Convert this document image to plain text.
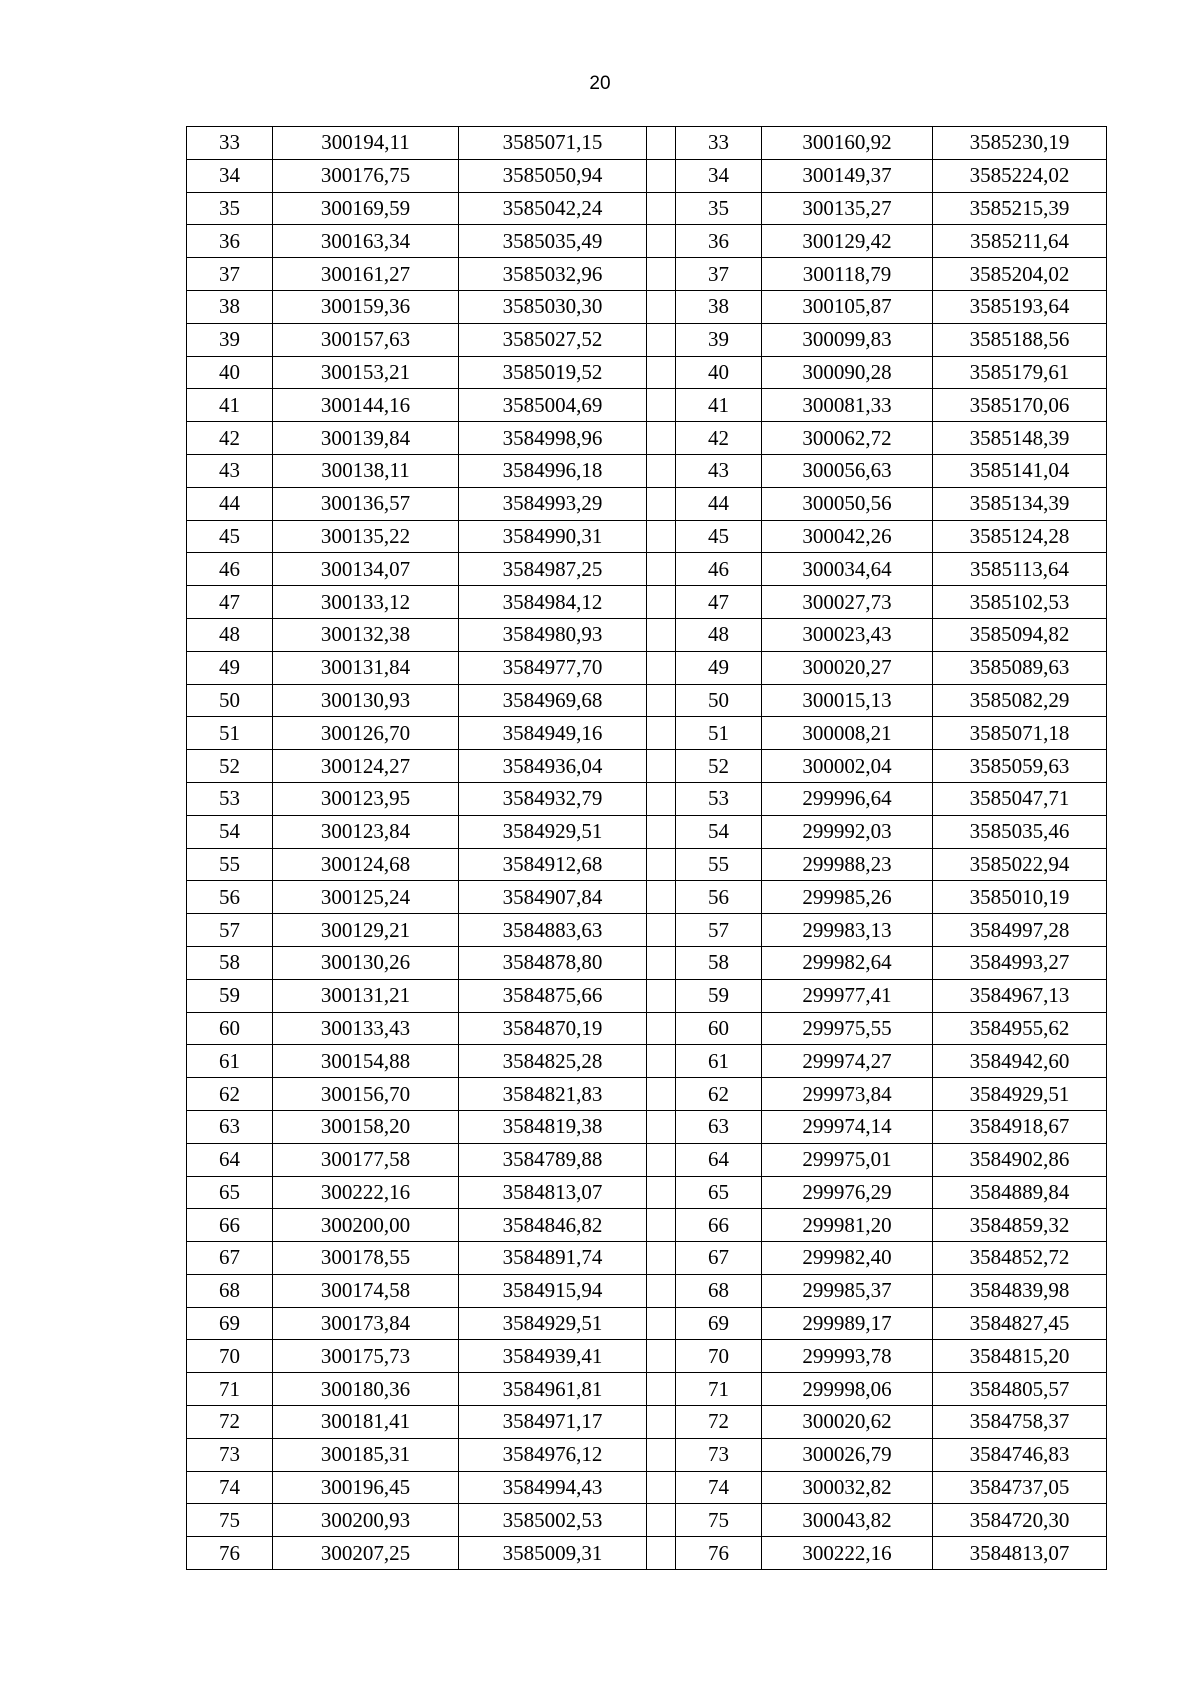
20
33	300194,11	3585071,15		33	300160,92	3585230,19
34	300176,75	3585050,94		34	300149,37	3585224,02
35	300169,59	3585042,24		35	300135,27	3585215,39
36	300163,34	3585035,49		36	300129,42	3585211,64
37	300161,27	3585032,96		37	300118,79	3585204,02
38	300159,36	3585030,30		38	300105,87	3585193,64
39	300157,63	3585027,52		39	300099,83	3585188,56
40	300153,21	3585019,52		40	300090,28	3585179,61
41	300144,16	3585004,69		41	300081,33	3585170,06
42	300139,84	3584998,96		42	300062,72	3585148,39
43	300138,11	3584996,18		43	300056,63	3585141,04
44	300136,57	3584993,29		44	300050,56	3585134,39
45	300135,22	3584990,31		45	300042,26	3585124,28
46	300134,07	3584987,25		46	300034,64	3585113,64
47	300133,12	3584984,12		47	300027,73	3585102,53
48	300132,38	3584980,93		48	300023,43	3585094,82
49	300131,84	3584977,70		49	300020,27	3585089,63
50	300130,93	3584969,68		50	300015,13	3585082,29
51	300126,70	3584949,16		51	300008,21	3585071,18
52	300124,27	3584936,04		52	300002,04	3585059,63
53	300123,95	3584932,79		53	299996,64	3585047,71
54	300123,84	3584929,51		54	299992,03	3585035,46
55	300124,68	3584912,68		55	299988,23	3585022,94
56	300125,24	3584907,84		56	299985,26	3585010,19
57	300129,21	3584883,63		57	299983,13	3584997,28
58	300130,26	3584878,80		58	299982,64	3584993,27
59	300131,21	3584875,66		59	299977,41	3584967,13
60	300133,43	3584870,19		60	299975,55	3584955,62
61	300154,88	3584825,28		61	299974,27	3584942,60
62	300156,70	3584821,83		62	299973,84	3584929,51
63	300158,20	3584819,38		63	299974,14	3584918,67
64	300177,58	3584789,88		64	299975,01	3584902,86
65	300222,16	3584813,07		65	299976,29	3584889,84
66	300200,00	3584846,82		66	299981,20	3584859,32
67	300178,55	3584891,74		67	299982,40	3584852,72
68	300174,58	3584915,94		68	299985,37	3584839,98
69	300173,84	3584929,51		69	299989,17	3584827,45
70	300175,73	3584939,41		70	299993,78	3584815,20
71	300180,36	3584961,81		71	299998,06	3584805,57
72	300181,41	3584971,17		72	300020,62	3584758,37
73	300185,31	3584976,12		73	300026,79	3584746,83
74	300196,45	3584994,43		74	300032,82	3584737,05
75	300200,93	3585002,53		75	300043,82	3584720,30
76	300207,25	3585009,31		76	300222,16	3584813,07
